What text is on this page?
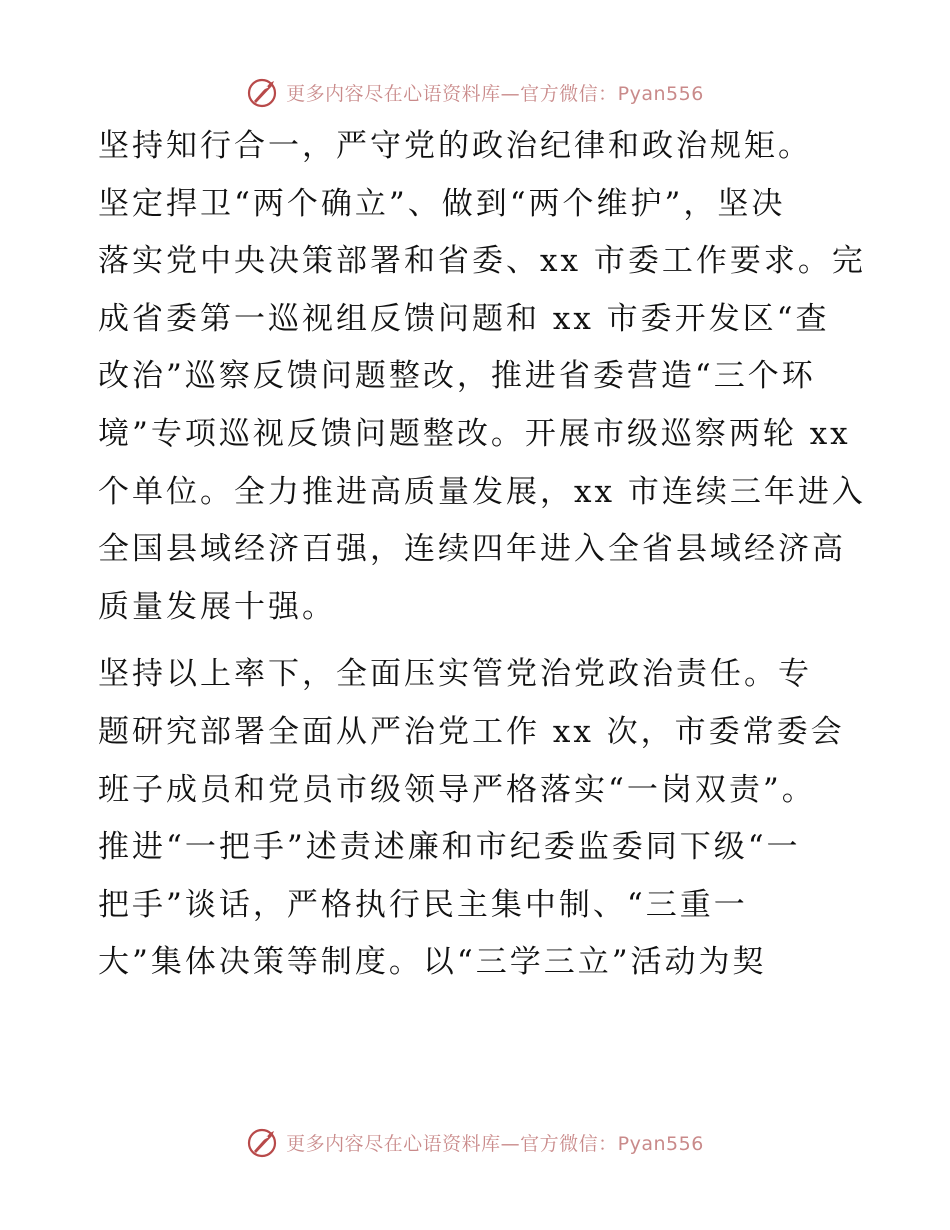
更多内容尽在心语资料库—官方微信：Pyan556

坚持知行合一，严守党的政治纪律和政治规矩。
坚定捍卫“两个确立”、做到“两个维护”，坚决
落实党中央决策部署和省委、xx 市委工作要求。完
成省委第一巡视组反馈问题和 xx 市委开发区“查
改治”巡察反馈问题整改，推进省委营造“三个环
境”专项巡视反馈问题整改。开展市级巡察两轮 xx
个单位。全力推进高质量发展，xx 市连续三年进入
全国县域经济百强，连续四年进入全省县域经济高
质量发展十强。

坚持以上率下，全面压实管党治党政治责任。专
题研究部署全面从严治党工作 xx 次，市委常委会
班子成员和党员市级领导严格落实“一岗双责”。
推进“一把手”述责述廉和市纪委监委同下级“一
把手”谈话，严格执行民主集中制、“三重一
大”集体决策等制度。以“三学三立”活动为契

更多内容尽在心语资料库—官方微信：Pyan556
